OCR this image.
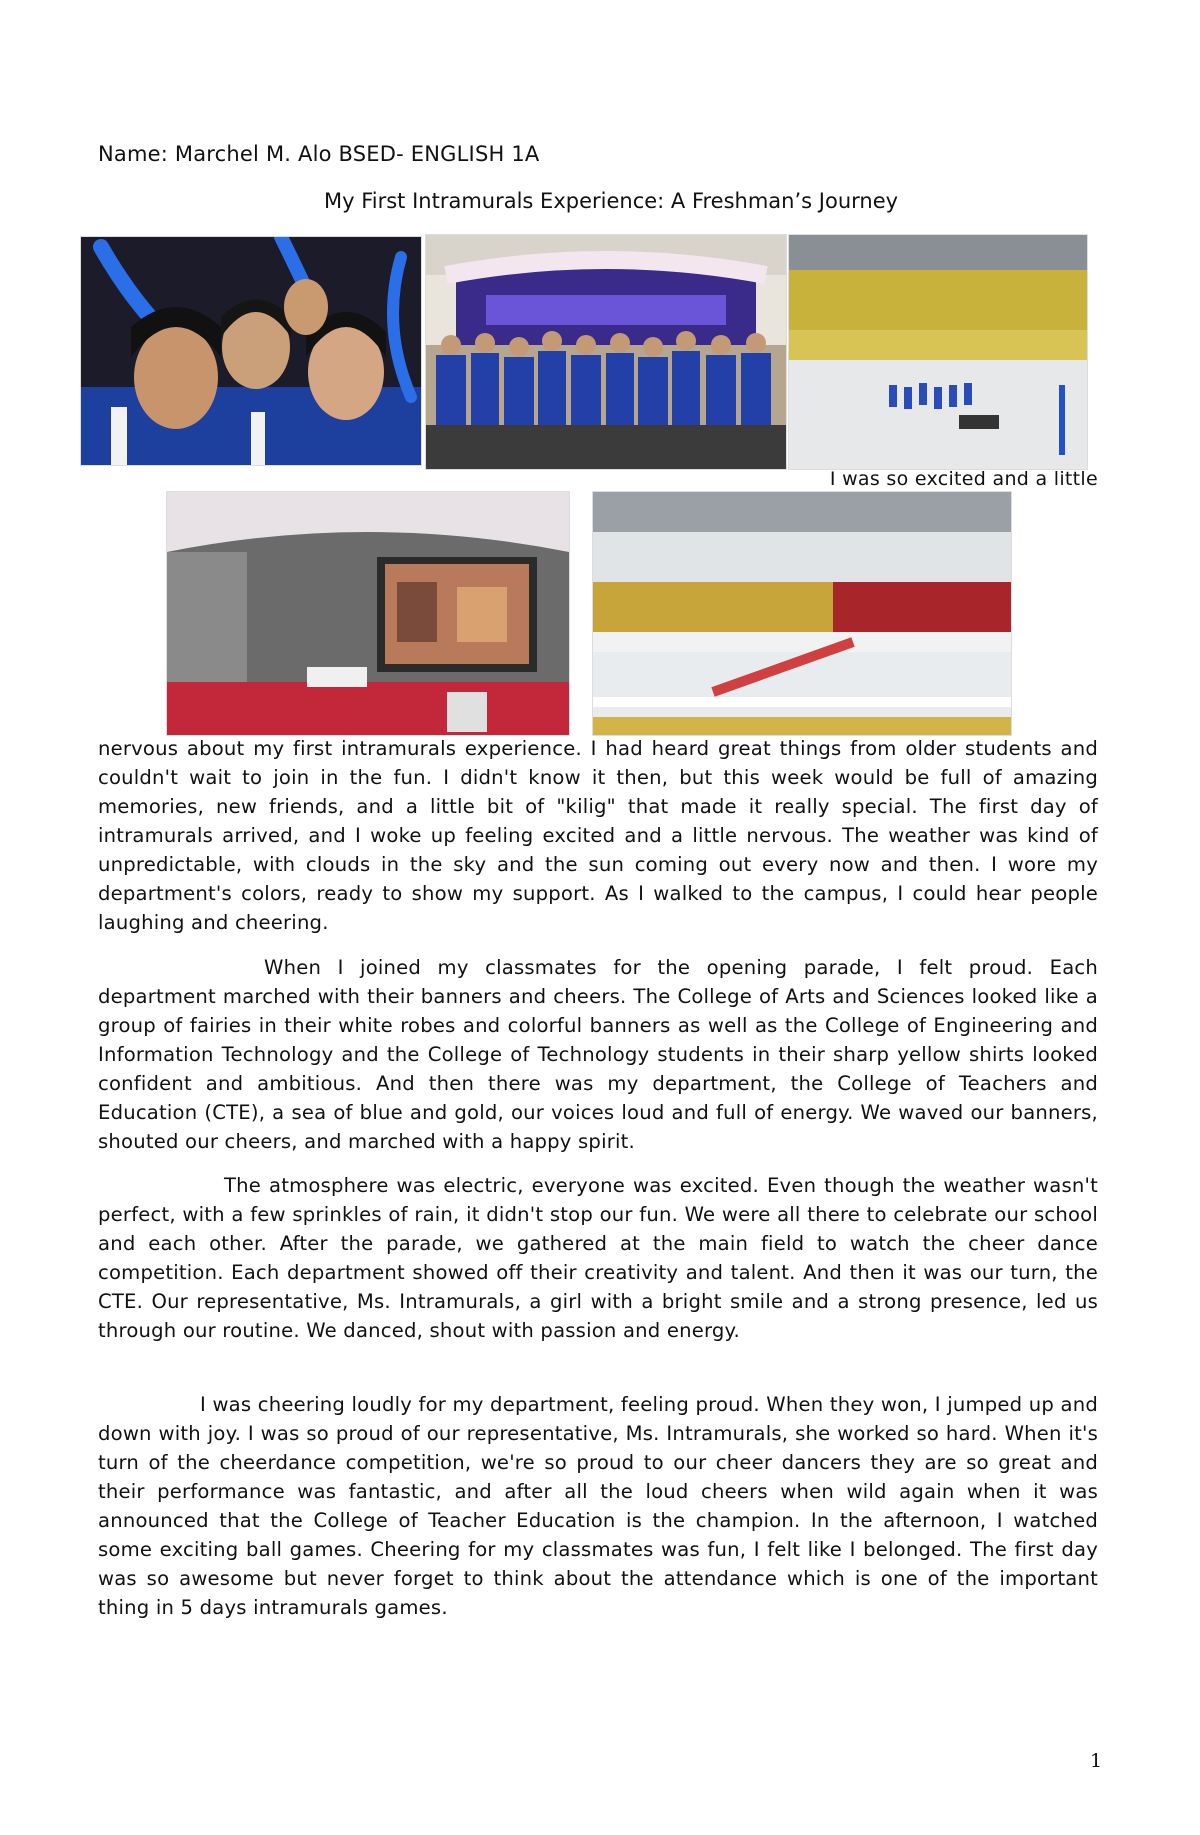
Name: Marchel M. Alo BSED- ENGLISH 1A
My First Intramurals Experience: A Freshman’s Journey
I was so excited and a little
nervous about my first intramurals experience. I had heard great things from older students and couldn't wait to join in the fun. I didn't know it then, but this week would be full of amazing memories, new friends, and a little bit of "kilig" that made it really special. The first day of intramurals arrived, and I woke up feeling excited and a little nervous. The weather was kind of unpredictable, with clouds in the sky and the sun coming out every now and then. I wore my department's colors, ready to show my support. As I walked to the campus, I could hear people laughing and cheering.
When I joined my classmates for the opening parade, I felt proud. Each department marched with their banners and cheers. The College of Arts and Sciences looked like a group of fairies in their white robes and colorful banners as well as the College of Engineering and Information Technology and the College of Technology students in their sharp yellow shirts looked confident and ambitious. And then there was my department, the College of Teachers and Education (CTE), a sea of blue and gold, our voices loud and full of energy. We waved our banners, shouted our cheers, and marched with a happy spirit.
The atmosphere was electric, everyone was excited. Even though the weather wasn't perfect, with a few sprinkles of rain, it didn't stop our fun. We were all there to celebrate our school and each other. After the parade, we gathered at the main field to watch the cheer dance competition. Each department showed off their creativity and talent. And then it was our turn, the CTE. Our representative, Ms. Intramurals, a girl with a bright smile and a strong presence, led us through our routine. We danced, shout with passion and energy.
I was cheering loudly for my department, feeling proud. When they won, I jumped up and down with joy. I was so proud of our representative, Ms. Intramurals, she worked so hard. When it's turn of the cheerdance competition, we're so proud to our cheer dancers they are so great and their performance was fantastic, and after all the loud cheers when wild again when it was announced that the College of Teacher Education is the champion. In the afternoon, I watched some exciting ball games. Cheering for my classmates was fun, I felt like I belonged. The first day was so awesome but never forget to think about the attendance which is one of the important thing in 5 days intramurals games.
1
